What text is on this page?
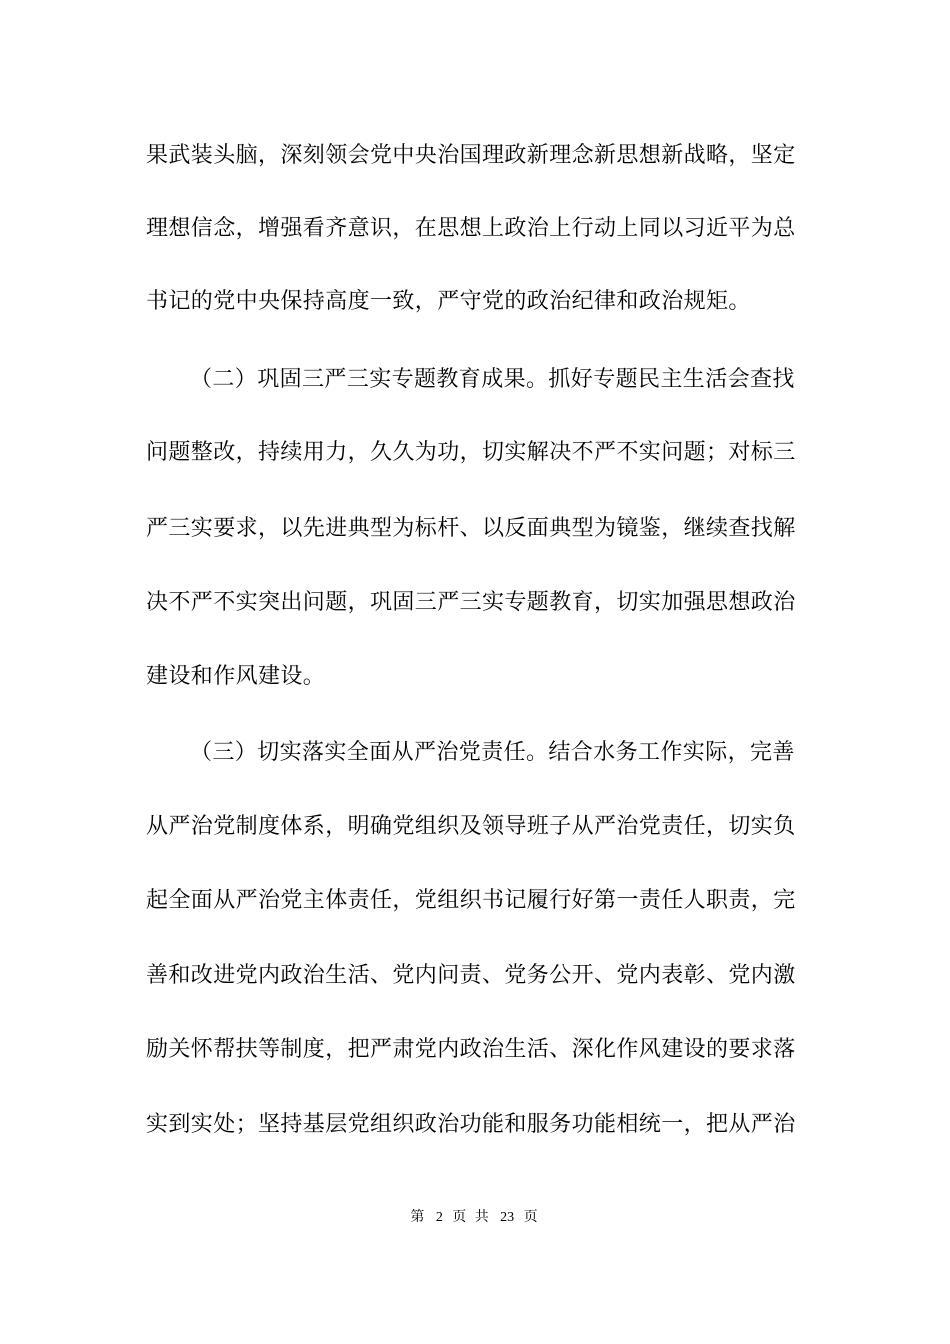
果武装头脑，深刻领会党中央治国理政新理念新思想新战略，坚定
理想信念，增强看齐意识，在思想上政治上行动上同以习近平为总
书记的党中央保持高度一致，严守党的政治纪律和政治规矩。
（二）巩固三严三实专题教育成果。抓好专题民主生活会查找
问题整改，持续用力，久久为功，切实解决不严不实问题；对标三
严三实要求，以先进典型为标杆、以反面典型为镜鉴，继续查找解
决不严不实突出问题，巩固三严三实专题教育，切实加强思想政治
建设和作风建设。
（三）切实落实全面从严治党责任。结合水务工作实际，完善
从严治党制度体系，明确党组织及领导班子从严治党责任，切实负
起全面从严治党主体责任，党组织书记履行好第一责任人职责，完
善和改进党内政治生活、党内问责、党务公开、党内表彰、党内激
励关怀帮扶等制度，把严肃党内政治生活、深化作风建设的要求落
实到实处；坚持基层党组织政治功能和服务功能相统一，把从严治
第 2 页 共 23 页
